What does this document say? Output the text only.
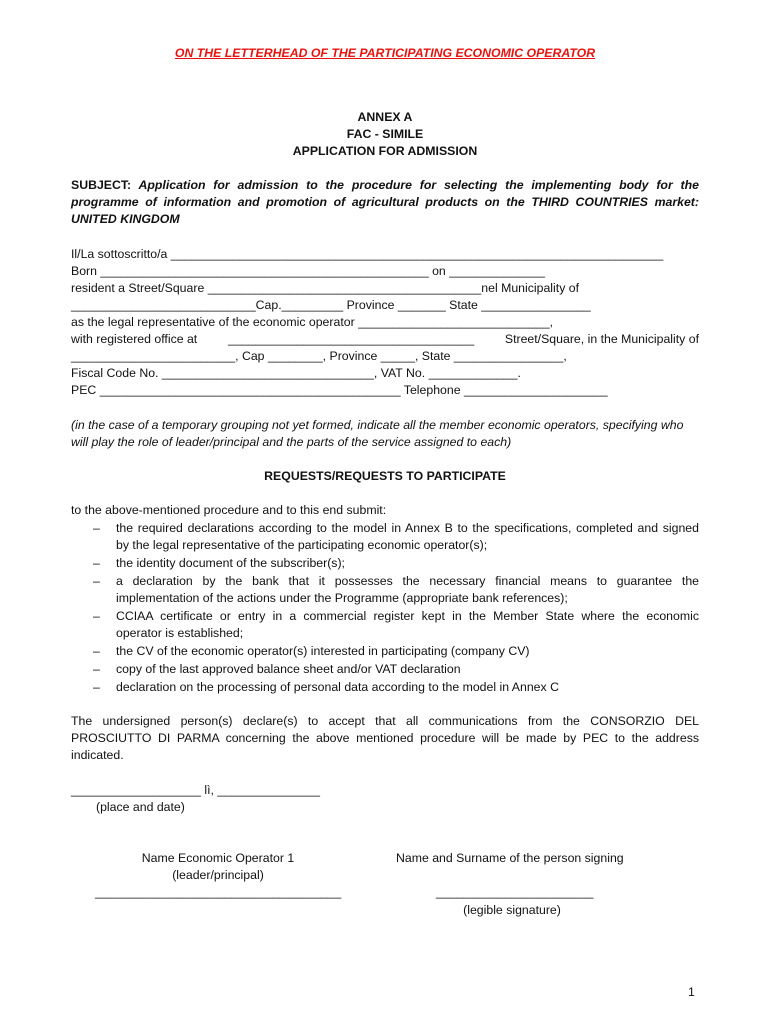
ON THE LETTERHEAD OF THE PARTICIPATING ECONOMIC OPERATOR
ANNEX A
FAC - SIMILE
APPLICATION FOR ADMISSION
SUBJECT: Application for admission to the procedure for selecting the implementing body for the
programme of information and promotion of agricultural products on the THIRD COUNTRIES market:
UNITED KINGDOM
Il/La sottoscritto/a ________________________________________________________________________
Born ________________________________________________ on ______________
resident a Street/Square ________________________________________nel Municipality of
___________________________Cap._________ Province _______ State ________________
as the legal representative of the economic operator ____________________________,
with registered office at ____________________________________ Street/Square, in the Municipality of
________________________, Cap ________, Province _____, State ________________,
Fiscal Code No. _______________________________, VAT No. _____________.
PEC ____________________________________________ Telephone _____________________
(in the case of a temporary grouping not yet formed, indicate all the member economic operators, specifying who
will play the role of leader/principal and the parts of the service assigned to each)
REQUESTS/REQUESTS TO PARTICIPATE
to the above-mentioned procedure and to this end submit:
– the required declarations according to the model in Annex B to the specifications, completed and signed
by the legal representative of the participating economic operator(s);
– the identity document of the subscriber(s);
– a declaration by the bank that it possesses the necessary financial means to guarantee the
implementation of the actions under the Programme (appropriate bank references);
– CCIAA certificate or entry in a commercial register kept in the Member State where the economic
operator is established;
– the CV of the economic operator(s) interested in participating (company CV)
– copy of the last approved balance sheet and/or VAT declaration
– declaration on the processing of personal data according to the model in Annex C
The undersigned person(s) declare(s) to accept that all communications from the CONSORZIO DEL
PROSCIUTTO DI PARMA concerning the above mentioned procedure will be made by PEC to the address
indicated.
___________________ lì, _______________
(place and date)
Name Economic Operator 1
(leader/principal)
____________________________________
Name and Surname of the person signing
_______________________
(legible signature)
1
